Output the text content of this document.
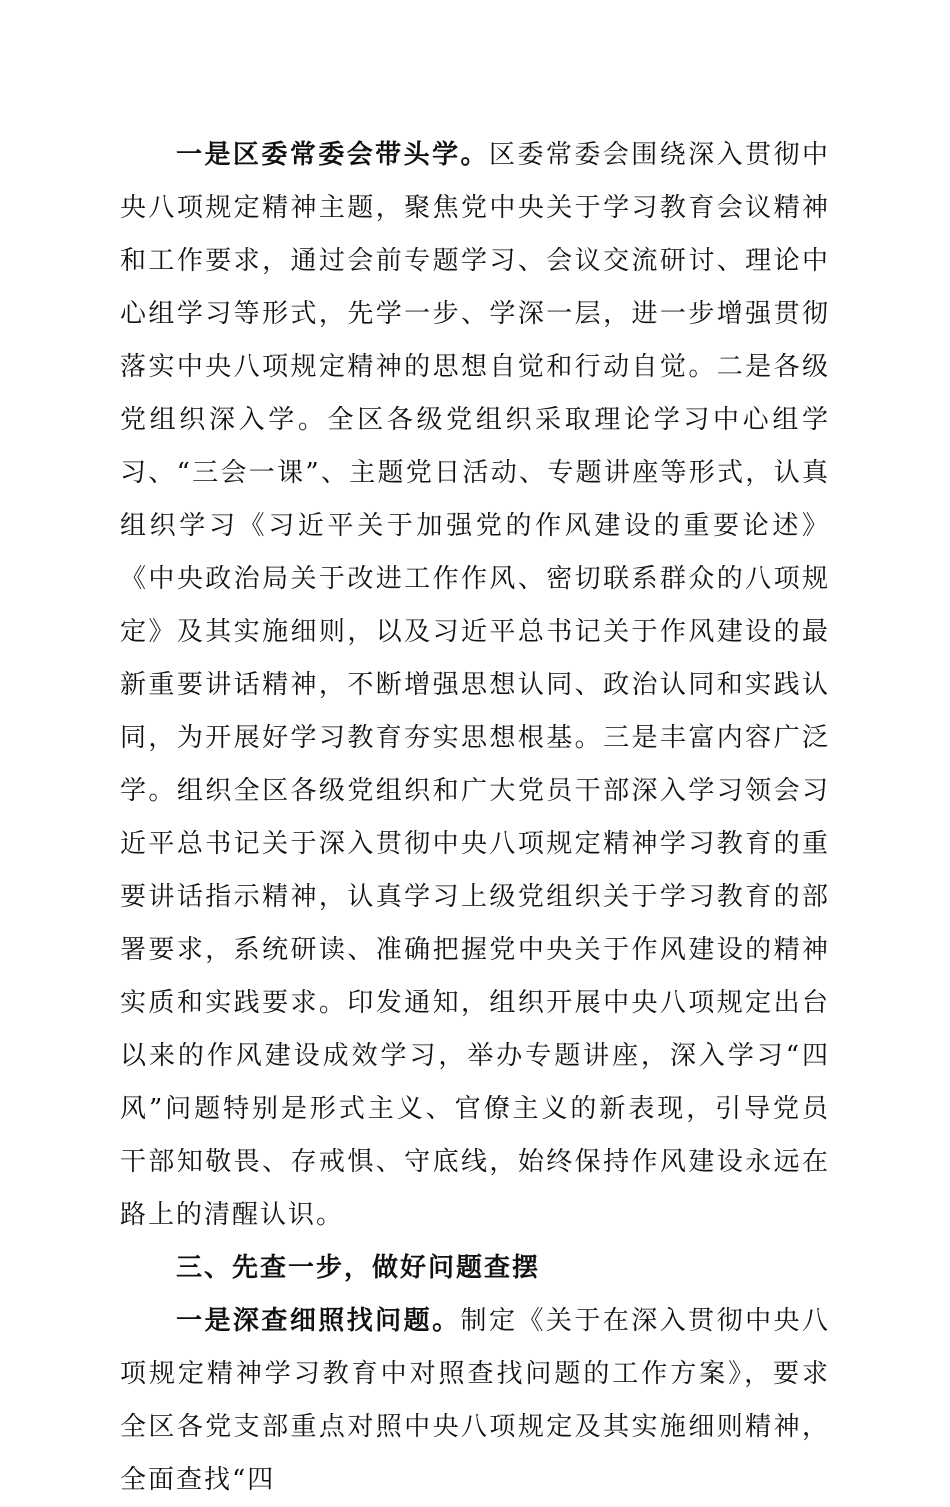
一是区委常委会带头学。区委常委会围绕深入贯彻中央八项规定精神主题，聚焦党中央关于学习教育会议精神和工作要求，通过会前专题学习、会议交流研讨、理论中心组学习等形式，先学一步、学深一层，进一步增强贯彻落实中央八项规定精神的思想自觉和行动自觉。二是各级党组织深入学。全区各级党组织采取理论学习中心组学习、“三会一课”、主题党日活动、专题讲座等形式，认真组织学习《习近平关于加强党的作风建设的重要论述》《中央政治局关于改进工作作风、密切联系群众的八项规定》及其实施细则，以及习近平总书记关于作风建设的最新重要讲话精神，不断增强思想认同、政治认同和实践认同，为开展好学习教育夯实思想根基。三是丰富内容广泛学。组织全区各级党组织和广大党员干部深入学习领会习近平总书记关于深入贯彻中央八项规定精神学习教育的重要讲话指示精神，认真学习上级党组织关于学习教育的部署要求，系统研读、准确把握党中央关于作风建设的精神实质和实践要求。印发通知，组织开展中央八项规定出台以来的作风建设成效学习，举办专题讲座，深入学习“四风”问题特别是形式主义、官僚主义的新表现，引导党员干部知敬畏、存戒惧、守底线，始终保持作风建设永远在路上的清醒认识。

三、先查一步，做好问题查摆

一是深查细照找问题。制定《关于在深入贯彻中央八项规定精神学习教育中对照查找问题的工作方案》，要求全区各党支部重点对照中央八项规定及其实施细则精神，全面查找“四
